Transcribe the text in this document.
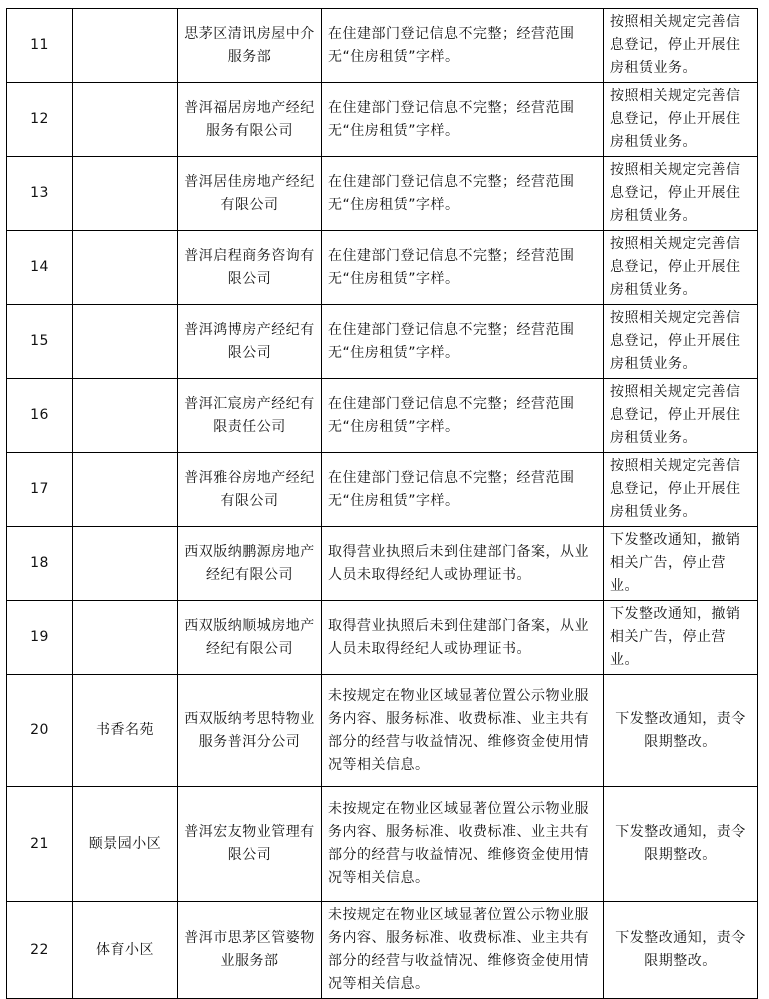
11		思茅区清讯房屋中介服务部	在住建部门登记信息不完整；经营范围无“住房租赁”字样。	按照相关规定完善信息登记，停止开展住房租赁业务。
12		普洱福居房地产经纪服务有限公司	在住建部门登记信息不完整；经营范围无“住房租赁”字样。	按照相关规定完善信息登记，停止开展住房租赁业务。
13		普洱居佳房地产经纪有限公司	在住建部门登记信息不完整；经营范围无“住房租赁”字样。	按照相关规定完善信息登记，停止开展住房租赁业务。
14		普洱启程商务咨询有限公司	在住建部门登记信息不完整；经营范围无“住房租赁”字样。	按照相关规定完善信息登记，停止开展住房租赁业务。
15		普洱鸿博房产经纪有限公司	在住建部门登记信息不完整；经营范围无“住房租赁”字样。	按照相关规定完善信息登记，停止开展住房租赁业务。
16		普洱汇宸房产经纪有限责任公司	在住建部门登记信息不完整；经营范围无“住房租赁”字样。	按照相关规定完善信息登记，停止开展住房租赁业务。
17		普洱雅谷房地产经纪有限公司	在住建部门登记信息不完整；经营范围无“住房租赁”字样。	按照相关规定完善信息登记，停止开展住房租赁业务。
18		西双版纳鹏源房地产经纪有限公司	取得营业执照后未到住建部门备案，从业人员未取得经纪人或协理证书。	下发整改通知，撤销相关广告，停止营业。
19		西双版纳顺城房地产经纪有限公司	取得营业执照后未到住建部门备案，从业人员未取得经纪人或协理证书。	下发整改通知，撤销相关广告，停止营业。
20	书香名苑	西双版纳考思特物业服务普洱分公司	未按规定在物业区域显著位置公示物业服务内容、服务标准、收费标准、业主共有部分的经营与收益情况、维修资金使用情况等相关信息。	下发整改通知，责令限期整改。
21	颐景园小区	普洱宏友物业管理有限公司	未按规定在物业区域显著位置公示物业服务内容、服务标准、收费标准、业主共有部分的经营与收益情况、维修资金使用情况等相关信息。	下发整改通知，责令限期整改。
22	体育小区	普洱市思茅区管婆物业服务部	未按规定在物业区域显著位置公示物业服务内容、服务标准、收费标准、业主共有部分的经营与收益情况、维修资金使用情况等相关信息。	下发整改通知，责令限期整改。
